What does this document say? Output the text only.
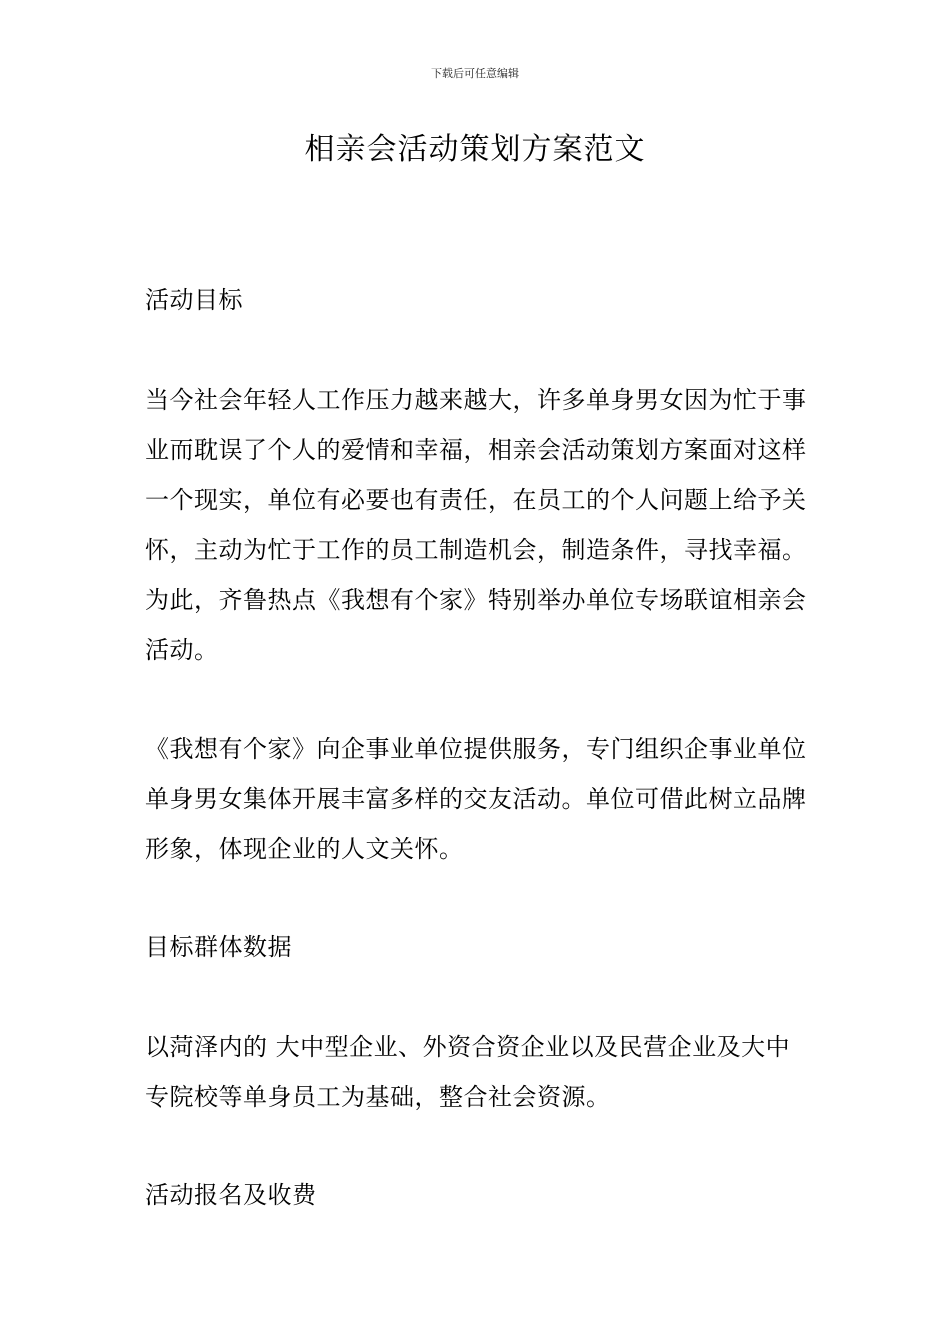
下载后可任意编辑
相亲会活动策划方案范文

活动目标

当今社会年轻人工作压力越来越大，许多单身男女因为忙于事业而耽误了个人的爱情和幸福，相亲会活动策划方案面对这样一个现实，单位有必要也有责任，在员工的个人问题上给予关怀，主动为忙于工作的员工制造机会，制造条件，寻找幸福。为此，齐鲁热点《我想有个家》特别举办单位专场联谊相亲会活动。

《我想有个家》向企事业单位提供服务，专门组织企事业单位单身男女集体开展丰富多样的交友活动。单位可借此树立品牌形象，体现企业的人文关怀。

目标群体数据

以菏泽内的 大中型企业、外资合资企业以及民营企业及大中专院校等单身员工为基础，整合社会资源。

活动报名及收费
